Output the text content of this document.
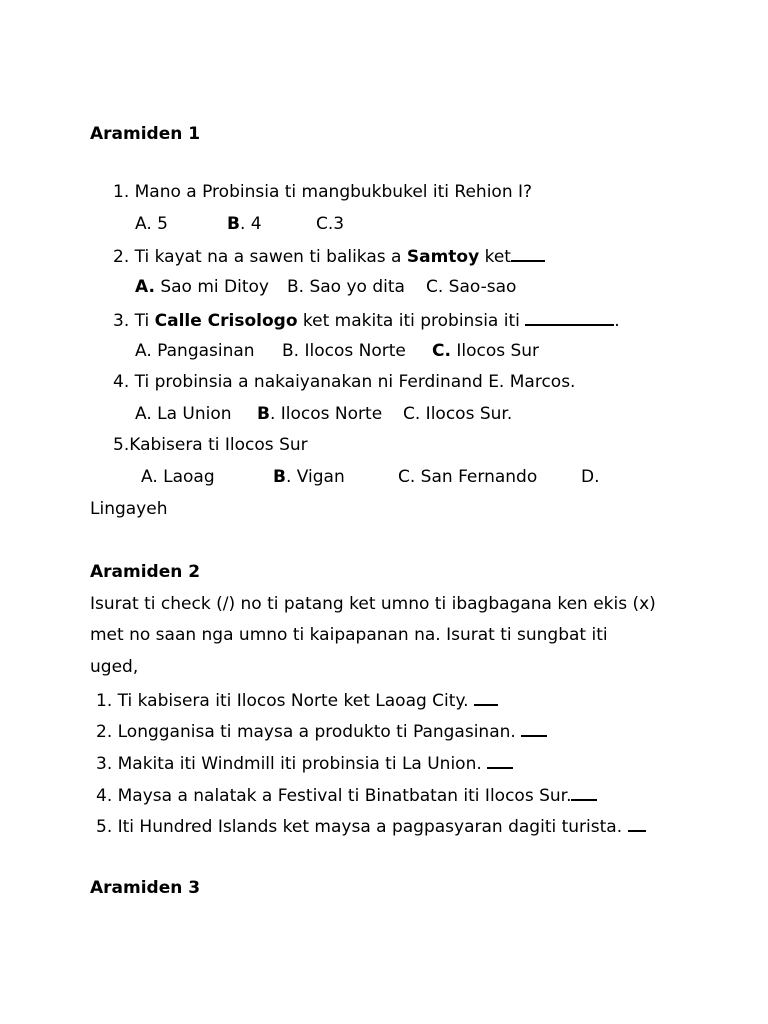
Aramiden 1
1. Mano a Probinsia ti mangbukbukel iti Rehion I?
A. 5	B. 4	C.3
2. Ti kayat na a sawen ti balikas a Samtoy ket
A. Sao mi Ditoy B. Sao yo dita C. Sao-sao
3. Ti Calle Crisologo ket makita iti probinsia iti	.
A. Pangasinan B. Ilocos Norte C. Ilocos Sur
4. Ti probinsia a nakaiyanakan ni Ferdinand E. Marcos.
A. La Union B. Ilocos Norte C. Ilocos Sur.
5.Kabisera ti Ilocos Sur
A. Laoag	B. Vigan	C. San Fernando	D.
Lingayeh
Aramiden 2
Isurat ti check (/) no ti patang ket umno ti ibagbagana ken ekis (x)
met no saan nga umno ti kaipapanan na. Isurat ti sungbat iti
uged,
1. Ti kabisera iti Ilocos Norte ket Laoag City.
2. Longganisa ti maysa a produkto ti Pangasinan.
3. Makita iti Windmill iti probinsia ti La Union.
4. Maysa a nalatak a Festival ti Binatbatan iti Ilocos Sur.
5. Iti Hundred Islands ket maysa a pagpasyaran dagiti turista.
Aramiden 3
